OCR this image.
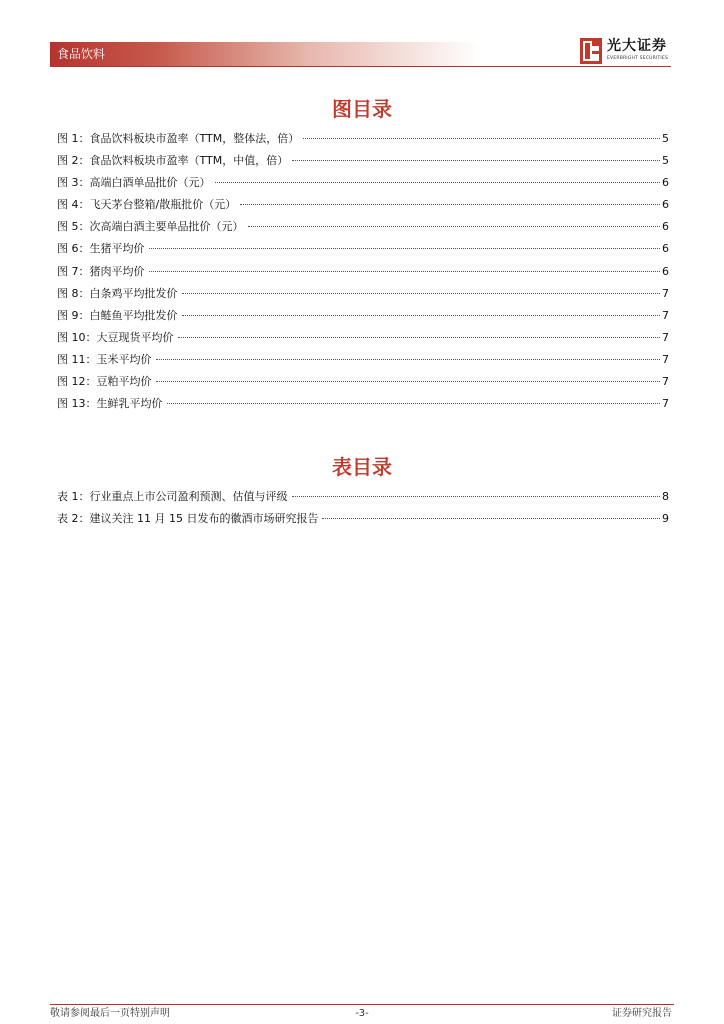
食品饮料	光大证券
EVERBRIGHT SECURITIES
图目录
图 1： 食品饮料板块市盈率（TTM，整体法，倍）	5
图 2： 食品饮料板块市盈率（TTM，中值，倍）	5
图 3： 高端白酒单品批价（元）	6
图 4： 飞天茅台整箱/散瓶批价（元）	6
图 5： 次高端白酒主要单品批价（元）	6
图 6： 生猪平均价	6
图 7： 猪肉平均价	6
图 8： 白条鸡平均批发价	7
图 9： 白鲢鱼平均批发价	7
图 10： 大豆现货平均价	7
图 11： 玉米平均价	7
图 12： 豆粕平均价	7
图 13： 生鲜乳平均价	7
表目录
表 1： 行业重点上市公司盈利预测、估值与评级	8
表 2： 建议关注 11 月 15 日发布的徽酒市场研究报告	9
敬请参阅最后一页特别声明	-3-	证券研究报告
